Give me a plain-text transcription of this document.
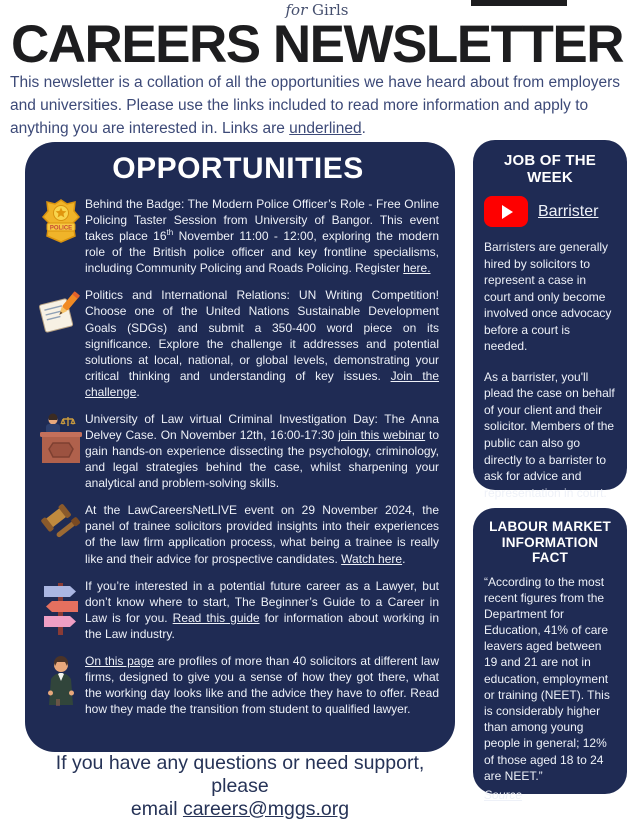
for Girls
CAREERS NEWSLETTER

This newsletter is a collation of all the opportunities we have heard about from employers and universities. Please use the links included to read more information and apply to anything you are interested in. Links are underlined.

OPPORTUNITIES
POLICE

Behind the Badge: The Modern Police Officer’s Role - Free Online Policing Taster Session from University of Bangor. This event takes place 16th November 11:00 - 12:00, exploring the modern role of the British police officer and key frontline specialisms, including Community Policing and Roads Policing. Register here.

Politics and International Relations: UN Writing Competition! Choose one of the United Nations Sustainable Development Goals (SDGs) and submit a 350-400 word piece on its significance. Explore the challenge it addresses and potential solutions at local, national, or global levels, demonstrating your critical thinking and understanding of key issues. Join the challenge.

University of Law virtual Criminal Investigation Day: The Anna Delvey Case. On November 12th, 16:00-17:30 join this webinar to gain hands-on experience dissecting the psychology, criminology, and legal strategies behind the case, whilst sharpening your analytical and problem-solving skills.

At the LawCareersNetLIVE event on 29 November 2024, the panel of trainee solicitors provided insights into their experiences of the law firm application process, what being a trainee is really like and their advice for prospective candidates. Watch here.

If you’re interested in a potential future career as a Lawyer, but don’t know where to start, The Beginner’s Guide to a Career in Law is for you. Read this guide for information about working in the Law industry.

On this page are profiles of more than 40 solicitors at different law firms, designed to give you a sense of how they got there, what the working day looks like and the advice they have to offer. Read how they made the transition from student to qualified lawyer.

JOB OF THE WEEK
Barrister

Barristers are generally hired by solicitors to represent a case in court and only become involved once advocacy before a court is needed.

As a barrister, you'll plead the case on behalf of your client and their solicitor. Members of the public can also go directly to a barrister to ask for advice and representation in court.

LABOUR MARKET
INFORMATION FACT

“According to the most recent figures from the Department for Education, 41% of care leavers aged between 19 and 21 are not in education, employment or training (NEET). This is considerably higher than among young people in general; 12% of those aged 18 to 24 are NEET.”

Source
If you have any questions or need support, please
email careers@mggs.org
